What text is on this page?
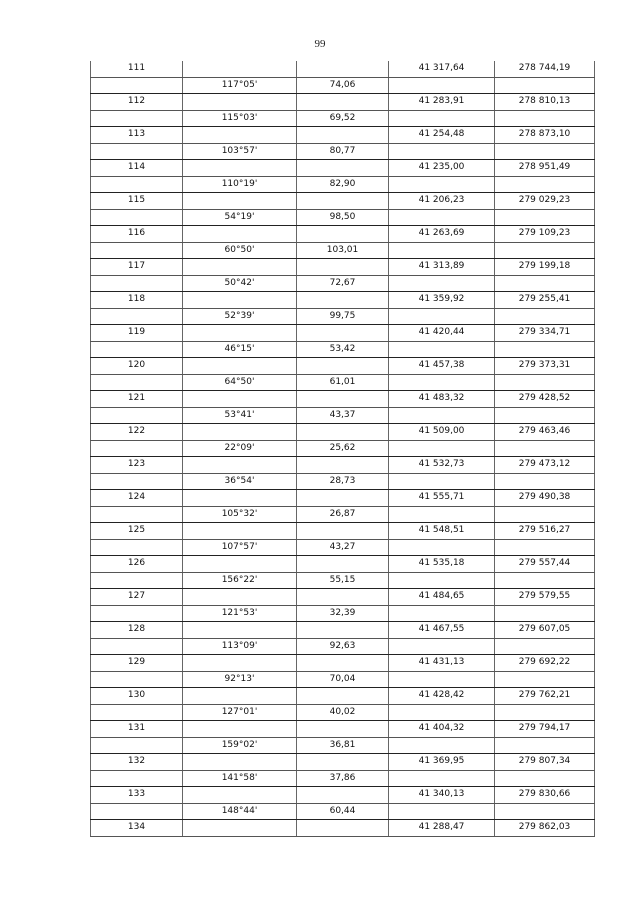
99
111			41 317,64	278 744,19
	117°05'	74,06		
112			41 283,91	278 810,13
	115°03'	69,52		
113			41 254,48	278 873,10
	103°57'	80,77		
114			41 235,00	278 951,49
	110°19'	82,90		
115			41 206,23	279 029,23
	54°19'	98,50		
116			41 263,69	279 109,23
	60°50'	103,01		
117			41 313,89	279 199,18
	50°42'	72,67		
118			41 359,92	279 255,41
	52°39'	99,75		
119			41 420,44	279 334,71
	46°15'	53,42		
120			41 457,38	279 373,31
	64°50'	61,01		
121			41 483,32	279 428,52
	53°41'	43,37		
122			41 509,00	279 463,46
	22°09'	25,62		
123			41 532,73	279 473,12
	36°54'	28,73		
124			41 555,71	279 490,38
	105°32'	26,87		
125			41 548,51	279 516,27
	107°57'	43,27		
126			41 535,18	279 557,44
	156°22'	55,15		
127			41 484,65	279 579,55
	121°53'	32,39		
128			41 467,55	279 607,05
	113°09'	92,63		
129			41 431,13	279 692,22
	92°13'	70,04		
130			41 428,42	279 762,21
	127°01'	40,02		
131			41 404,32	279 794,17
	159°02'	36,81		
132			41 369,95	279 807,34
	141°58'	37,86		
133			41 340,13	279 830,66
	148°44'	60,44		
134			41 288,47	279 862,03
